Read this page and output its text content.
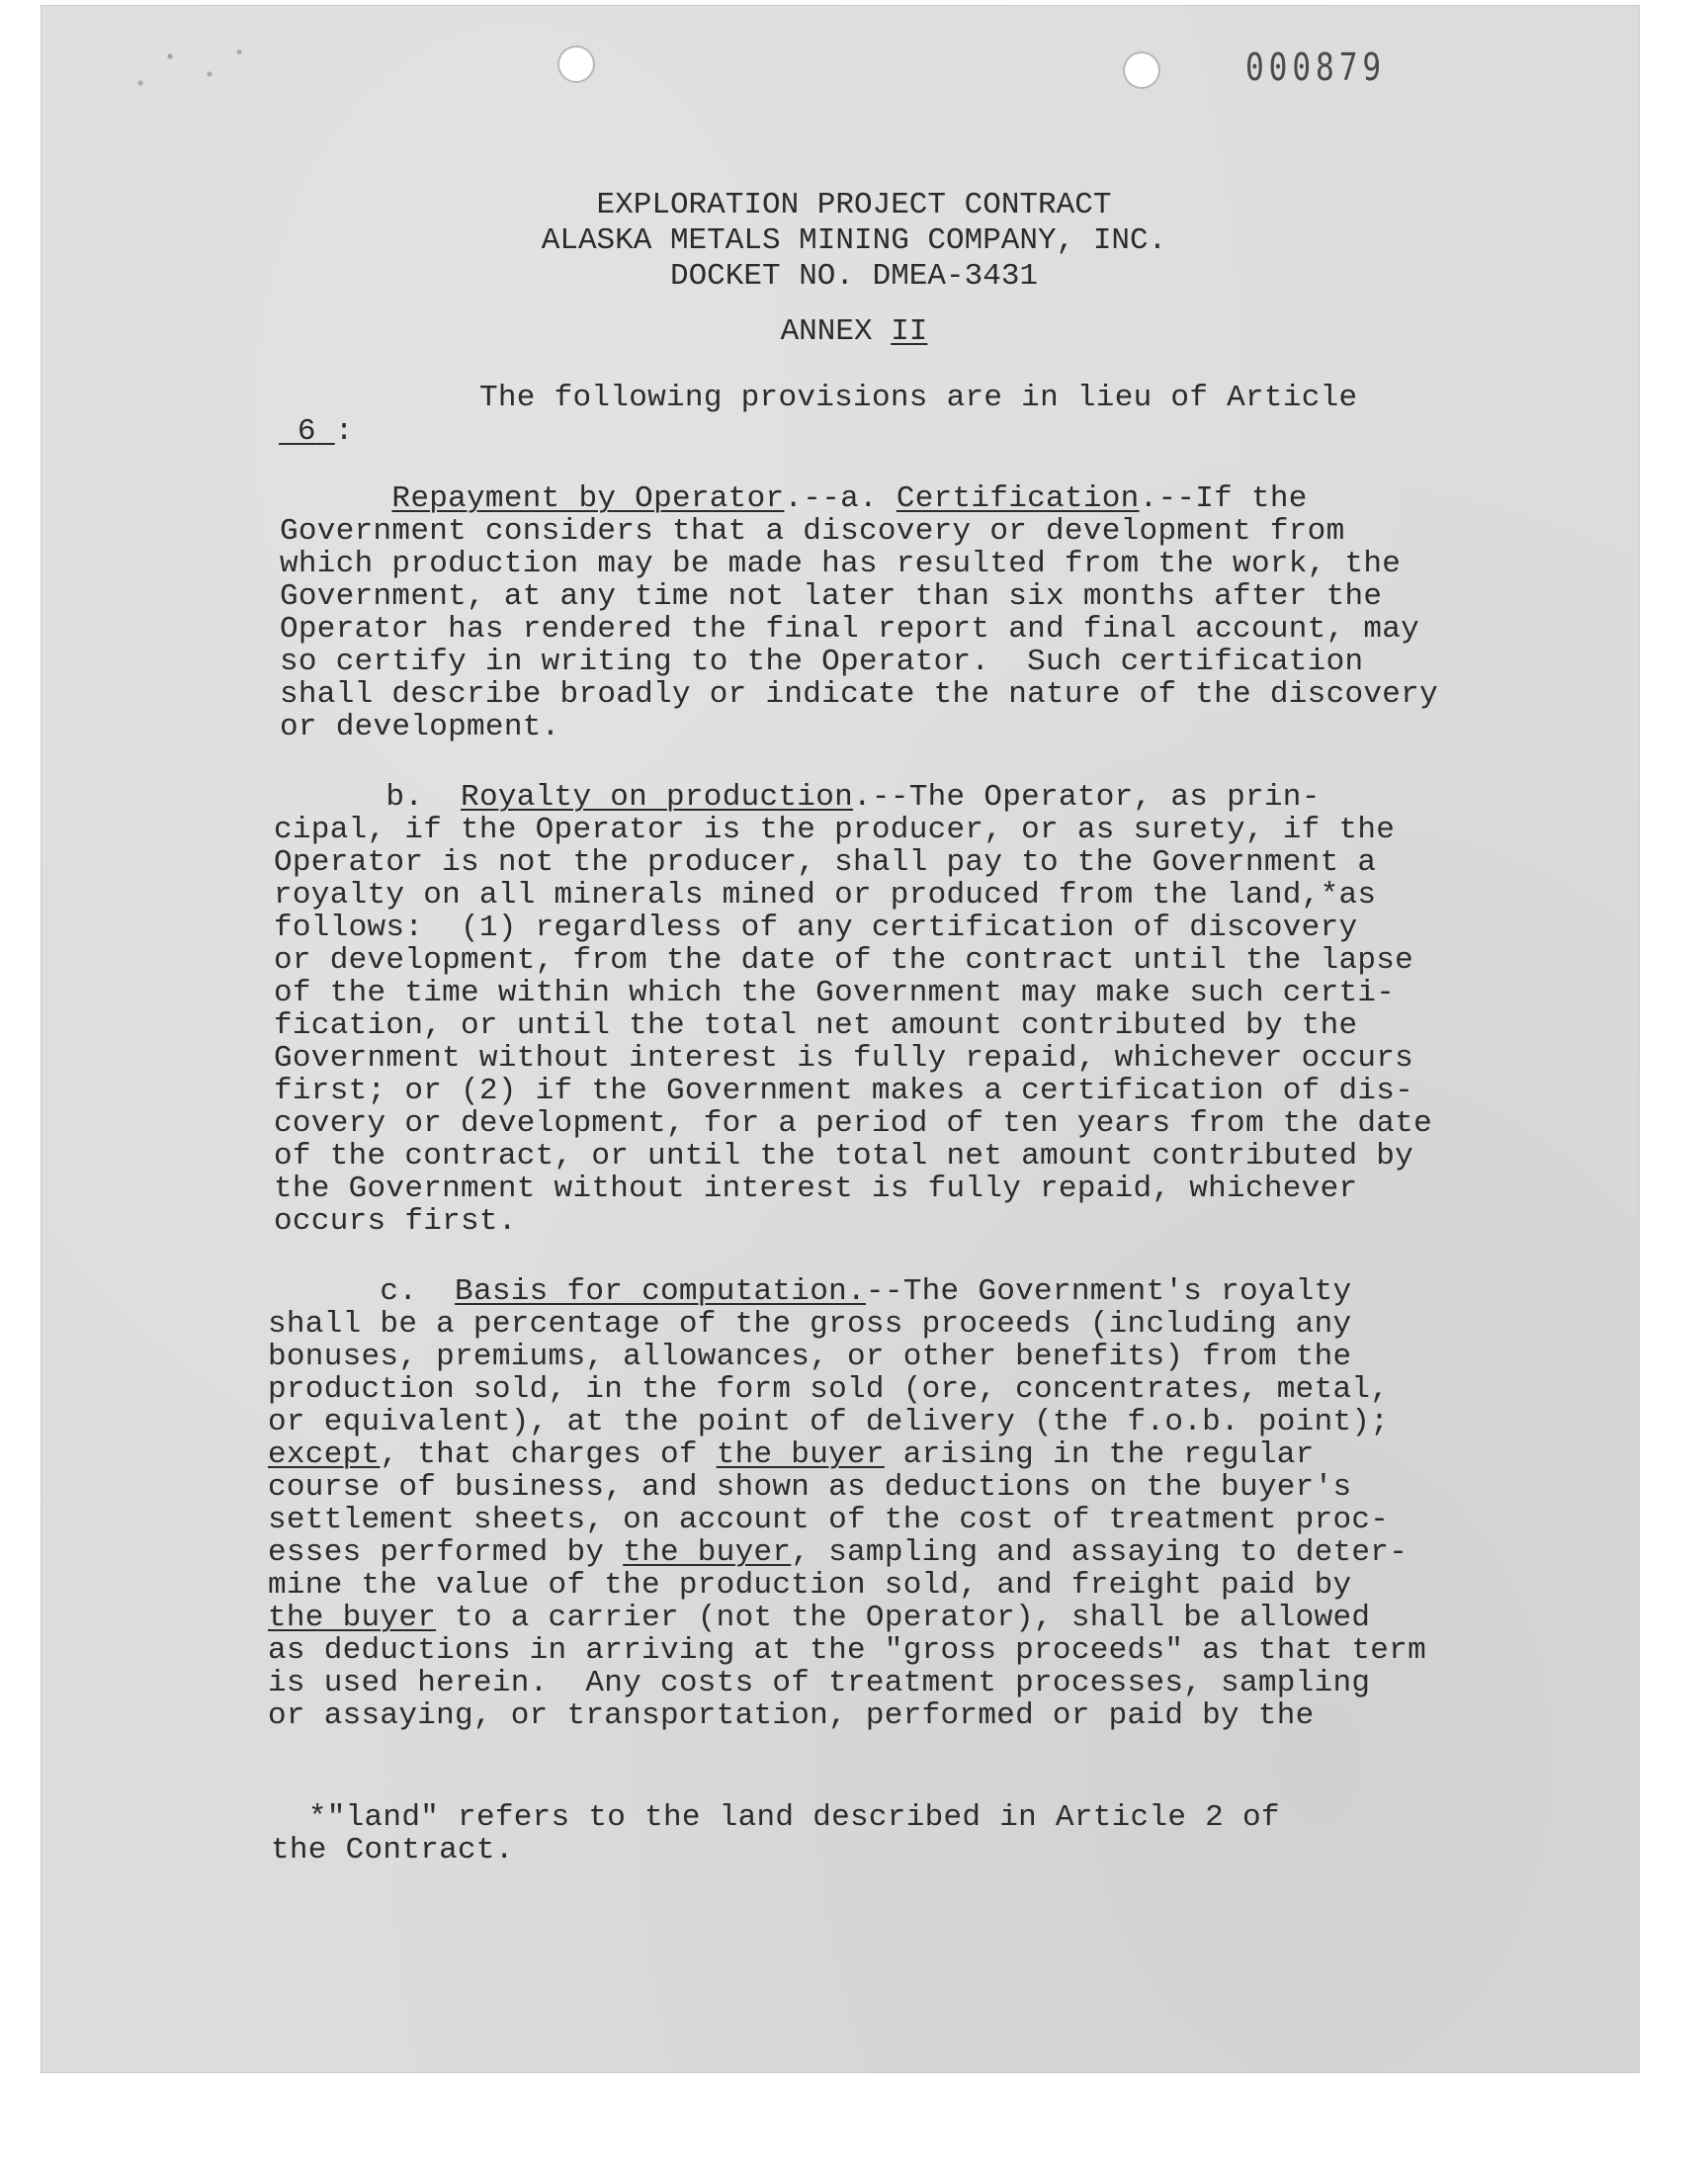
000879
EXPLORATION PROJECT CONTRACT
ALASKA METALS MINING COMPANY, INC.
DOCKET NO. DMEA-3431
ANNEX II
The following provisions are in lieu of Article
6 :
Repayment by Operator.--a. Certification.--If the
Government considers that a discovery or development from
which production may be made has resulted from the work, the
Government, at any time not later than six months after the
Operator has rendered the final report and final account, may
so certify in writing to the Operator.  Such certification
shall describe broadly or indicate the nature of the discovery
or development.
b.  Royalty on production.--The Operator, as prin-
cipal, if the Operator is the producer, or as surety, if the
Operator is not the producer, shall pay to the Government a
royalty on all minerals mined or produced from the land,*as
follows:  (1) regardless of any certification of discovery
or development, from the date of the contract until the lapse
of the time within which the Government may make such certi-
fication, or until the total net amount contributed by the
Government without interest is fully repaid, whichever occurs
first; or (2) if the Government makes a certification of dis-
covery or development, for a period of ten years from the date
of the contract, or until the total net amount contributed by
the Government without interest is fully repaid, whichever
occurs first.
c.  Basis for computation.--The Government's royalty
shall be a percentage of the gross proceeds (including any
bonuses, premiums, allowances, or other benefits) from the
production sold, in the form sold (ore, concentrates, metal,
or equivalent), at the point of delivery (the f.o.b. point);
except, that charges of the buyer arising in the regular
course of business, and shown as deductions on the buyer's
settlement sheets, on account of the cost of treatment proc-
esses performed by the buyer, sampling and assaying to deter-
mine the value of the production sold, and freight paid by
the buyer to a carrier (not the Operator), shall be allowed
as deductions in arriving at the "gross proceeds" as that term
is used herein.  Any costs of treatment processes, sampling
or assaying, or transportation, performed or paid by the
*"land" refers to the land described in Article 2 of
the Contract.
